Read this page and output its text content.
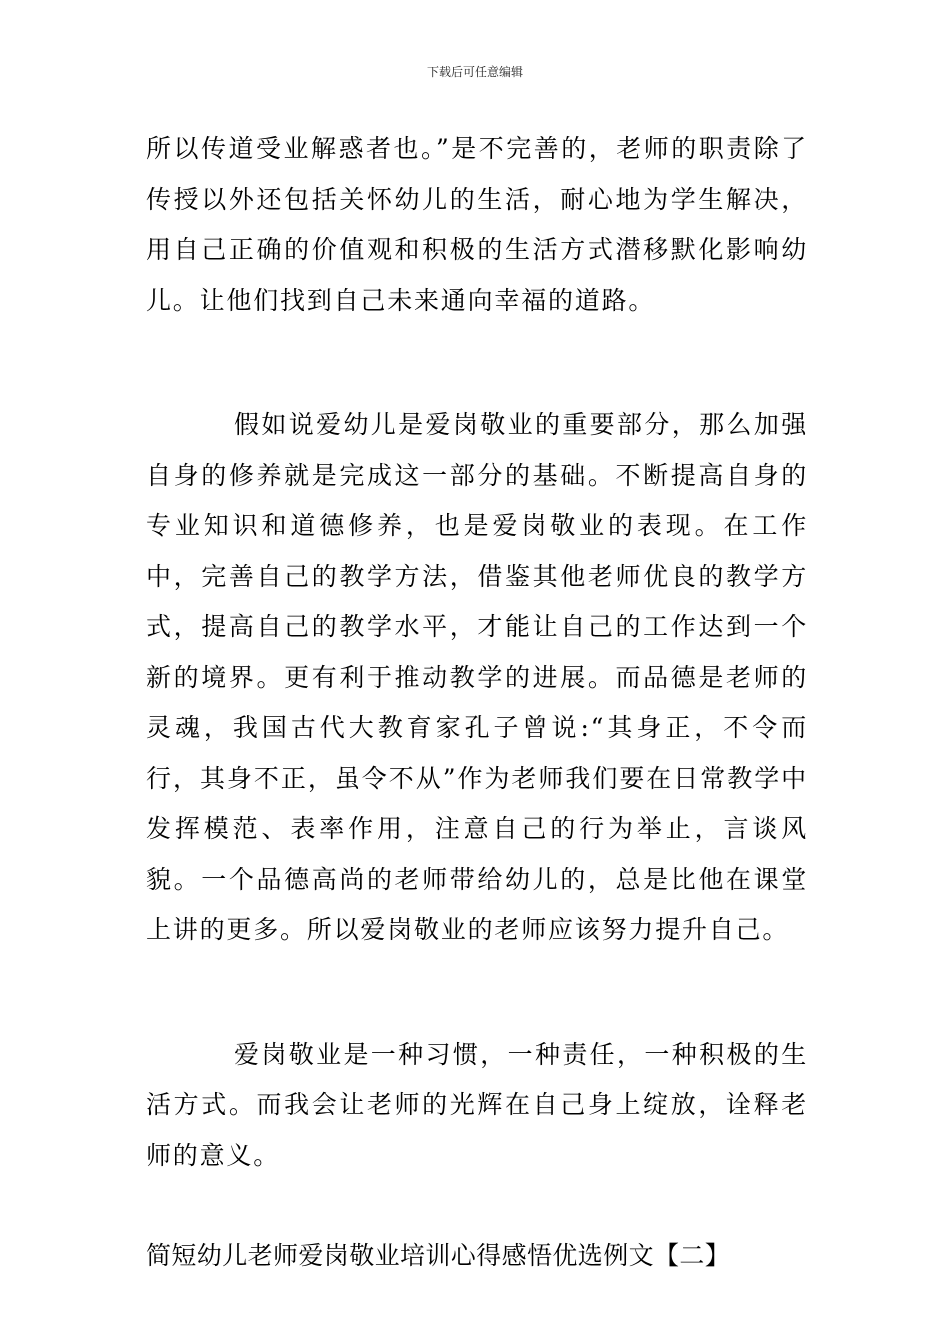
下载后可任意编辑

所以传道受业解惑者也。”是不完善的，老师的职责除了传授以外还包括关怀幼儿的生活，耐心地为学生解决，用自己正确的价值观和积极的生活方式潜移默化影响幼儿。让他们找到自己未来通向幸福的道路。

假如说爱幼儿是爱岗敬业的重要部分，那么加强自身的修养就是完成这一部分的基础。不断提高自身的专业知识和道德修养，也是爱岗敬业的表现。在工作中，完善自己的教学方法，借鉴其他老师优良的教学方式，提高自己的教学水平，才能让自己的工作达到一个新的境界。更有利于推动教学的进展。而品德是老师的灵魂，我国古代大教育家孔子曾说:“其身正，不令而行，其身不正，虽令不从”作为老师我们要在日常教学中发挥模范、表率作用，注意自己的行为举止，言谈风貌。一个品德高尚的老师带给幼儿的，总是比他在课堂上讲的更多。所以爱岗敬业的老师应该努力提升自己。

爱岗敬业是一种习惯，一种责任，一种积极的生活方式。而我会让老师的光辉在自己身上绽放，诠释老师的意义。

简短幼儿老师爱岗敬业培训心得感悟优选例文【二】
